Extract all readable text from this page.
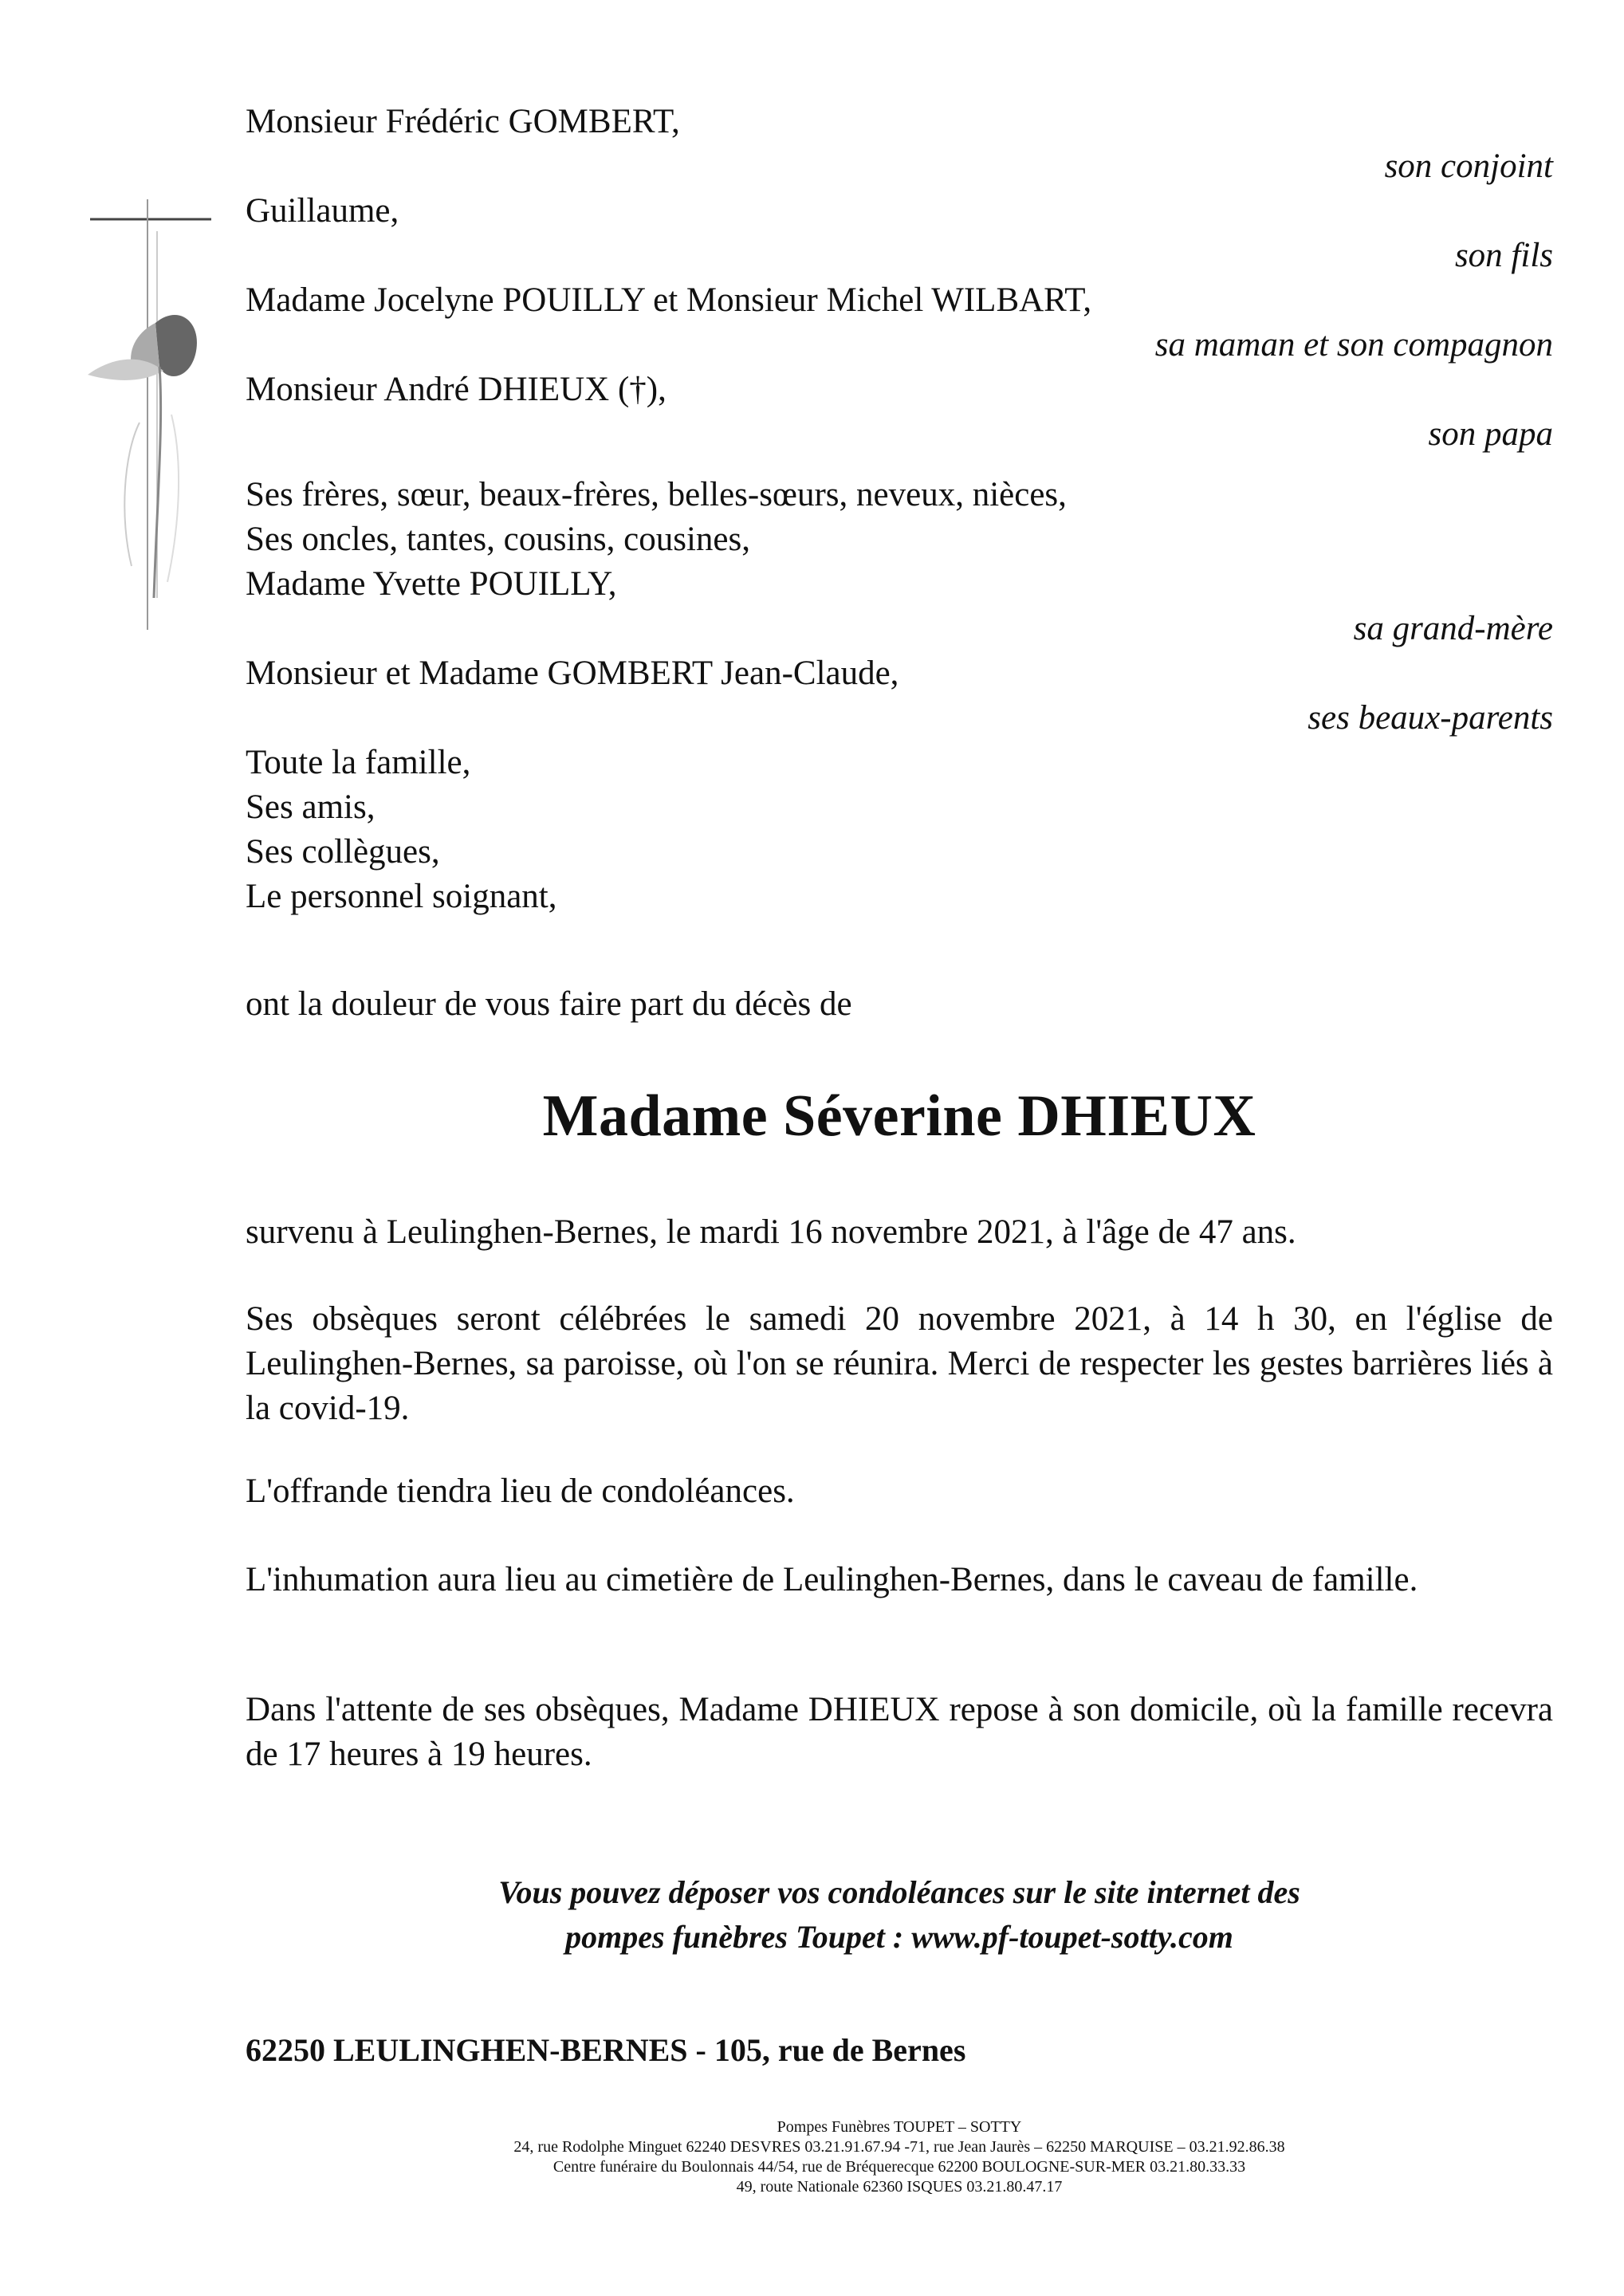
Monsieur Frédéric GOMBERT,
son conjoint
Guillaume,
son fils
Madame Jocelyne POUILLY et Monsieur Michel WILBART,
sa maman et son compagnon
Monsieur André DHIEUX (†),
son papa
Ses frères, sœur, beaux-frères, belles-sœurs, neveux, nièces,
Ses oncles, tantes, cousins, cousines,
Madame Yvette POUILLY,
sa grand-mère
Monsieur et Madame GOMBERT Jean-Claude,
ses beaux-parents
Toute la famille,
Ses amis,
Ses collègues,
Le personnel soignant,
ont la douleur de vous faire part du décès de
Madame Séverine DHIEUX
survenu à Leulinghen-Bernes, le mardi 16 novembre 2021, à l'âge de 47 ans.
Ses obsèques seront célébrées le samedi 20 novembre 2021, à 14 h 30, en l'église de Leulinghen-Bernes, sa paroisse, où l'on se réunira. Merci de respecter les gestes barrières liés à la covid-19.
L'offrande tiendra lieu de condoléances.
L'inhumation aura lieu au cimetière de Leulinghen-Bernes, dans le caveau de famille.
Dans l'attente de ses obsèques, Madame DHIEUX repose à son domicile, où la famille recevra de 17 heures à 19 heures.
Vous pouvez déposer vos condoléances sur le site internet des
pompes funèbres Toupet : www.pf-toupet-sotty.com
62250 LEULINGHEN-BERNES - 105, rue de Bernes
Pompes Funèbres TOUPET – SOTTY
24, rue Rodolphe Minguet 62240 DESVRES 03.21.91.67.94 -71, rue Jean Jaurès – 62250 MARQUISE – 03.21.92.86.38
Centre funéraire du Boulonnais 44/54, rue de Bréquerecque 62200 BOULOGNE-SUR-MER 03.21.80.33.33
49, route Nationale 62360 ISQUES 03.21.80.47.17
